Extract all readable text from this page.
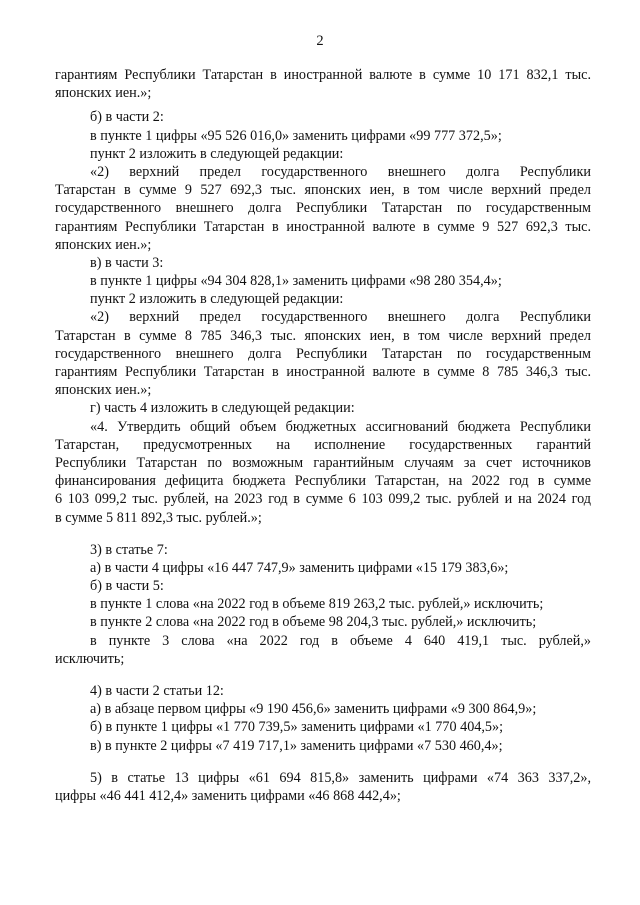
2
гарантиям Республики Татарстан в иностранной валюте в сумме 10 171 832,1 тыс.
японских иен.»;
б) в части 2:
в пункте 1 цифры «95 526 016,0» заменить цифрами «99 777 372,5»;
пункт 2 изложить в следующей редакции:
«2) верхний предел государственного внешнего долга Республики
Татарстан в сумме 9 527 692,3 тыс. японских иен, в том числе верхний предел
государственного внешнего долга Республики Татарстан по государственным
гарантиям Республики Татарстан в иностранной валюте в сумме 9 527 692,3 тыс.
японских иен.»;
в) в части 3:
в пункте 1 цифры «94 304 828,1» заменить цифрами «98 280 354,4»;
пункт 2 изложить в следующей редакции:
«2) верхний предел государственного внешнего долга Республики
Татарстан в сумме 8 785 346,3 тыс. японских иен, в том числе верхний предел
государственного внешнего долга Республики Татарстан по государственным
гарантиям Республики Татарстан в иностранной валюте в сумме 8 785 346,3 тыс.
японских иен.»;
г) часть 4 изложить в следующей редакции:
«4. Утвердить общий объем бюджетных ассигнований бюджета Республики
Татарстан, предусмотренных на исполнение государственных гарантий
Республики Татарстан по возможным гарантийным случаям за счет источников
финансирования дефицита бюджета Республики Татарстан, на 2022 год в сумме
6 103 099,2 тыс. рублей, на 2023 год в сумме 6 103 099,2 тыс. рублей и на 2024 год
в сумме 5 811 892,3 тыс. рублей.»;
3) в статье 7:
а) в части 4 цифры «16 447 747,9» заменить цифрами «15 179 383,6»;
б) в части 5:
в пункте 1 слова «на 2022 год в объеме 819 263,2 тыс. рублей,» исключить;
в пункте 2 слова «на 2022 год в объеме 98 204,3 тыс. рублей,» исключить;
в пункте 3 слова «на 2022 год в объеме 4 640 419,1 тыс. рублей,»
исключить;
4) в части 2 статьи 12:
а) в абзаце первом цифры «9 190 456,6» заменить цифрами «9 300 864,9»;
б) в пункте 1 цифры «1 770 739,5» заменить цифрами «1 770 404,5»;
в) в пункте 2 цифры «7 419 717,1» заменить цифрами «7 530 460,4»;
5) в статье 13 цифры «61 694 815,8» заменить цифрами «74 363 337,2»,
цифры «46 441 412,4» заменить цифрами «46 868 442,4»;
